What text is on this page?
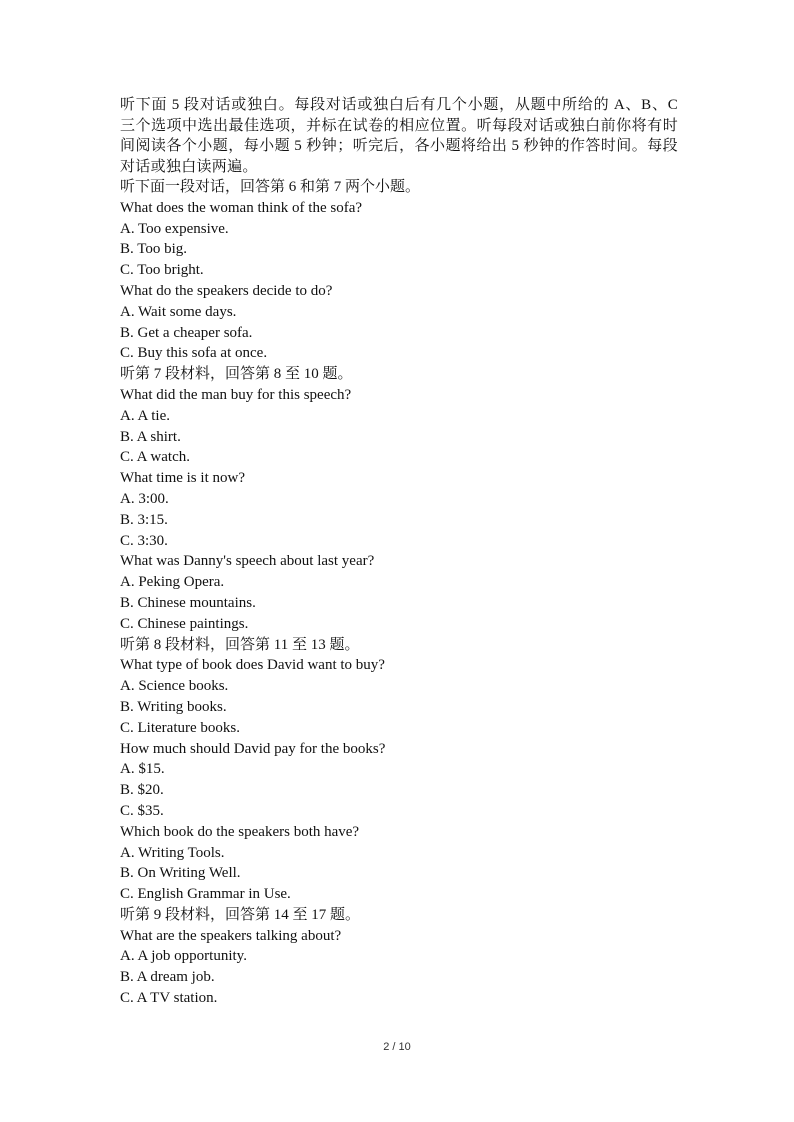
听下面 5 段对话或独白。每段对话或独白后有几个小题，从题中所给的 A、B、C 三个选项中选出最佳选项，并标在试卷的相应位置。听每段对话或独白前你将有时间阅读各个小题，每小题 5 秒钟；听完后，各小题将给出 5 秒钟的作答时间。每段对话或独白读两遍。

听下面一段对话，回答第 6 和第 7 两个小题。
What does the woman think of the sofa?
A. Too expensive.
B. Too big.
C. Too bright.
What do the speakers decide to do?
A. Wait some days.
B. Get a cheaper sofa.
C. Buy this sofa at once.
听第 7 段材料，回答第 8 至 10 题。
What did the man buy for this speech?
A. A tie.
B. A shirt.
C. A watch.
What time is it now?
A. 3:00.
B. 3:15.
C. 3:30.
What was Danny's speech about last year?
A. Peking Opera.
B. Chinese mountains.
C. Chinese paintings.
听第 8 段材料，回答第 11 至 13 题。
What type of book does David want to buy?
A. Science books.
B. Writing books.
C. Literature books.
How much should David pay for the books?
A. $15.
B. $20.
C. $35.
Which book do the speakers both have?
A. Writing Tools.
B. On Writing Well.
C. English Grammar in Use.
听第 9 段材料，回答第 14 至 17 题。
What are the speakers talking about?
A. A job opportunity.
B. A dream job.
C. A TV station.
2 / 10
